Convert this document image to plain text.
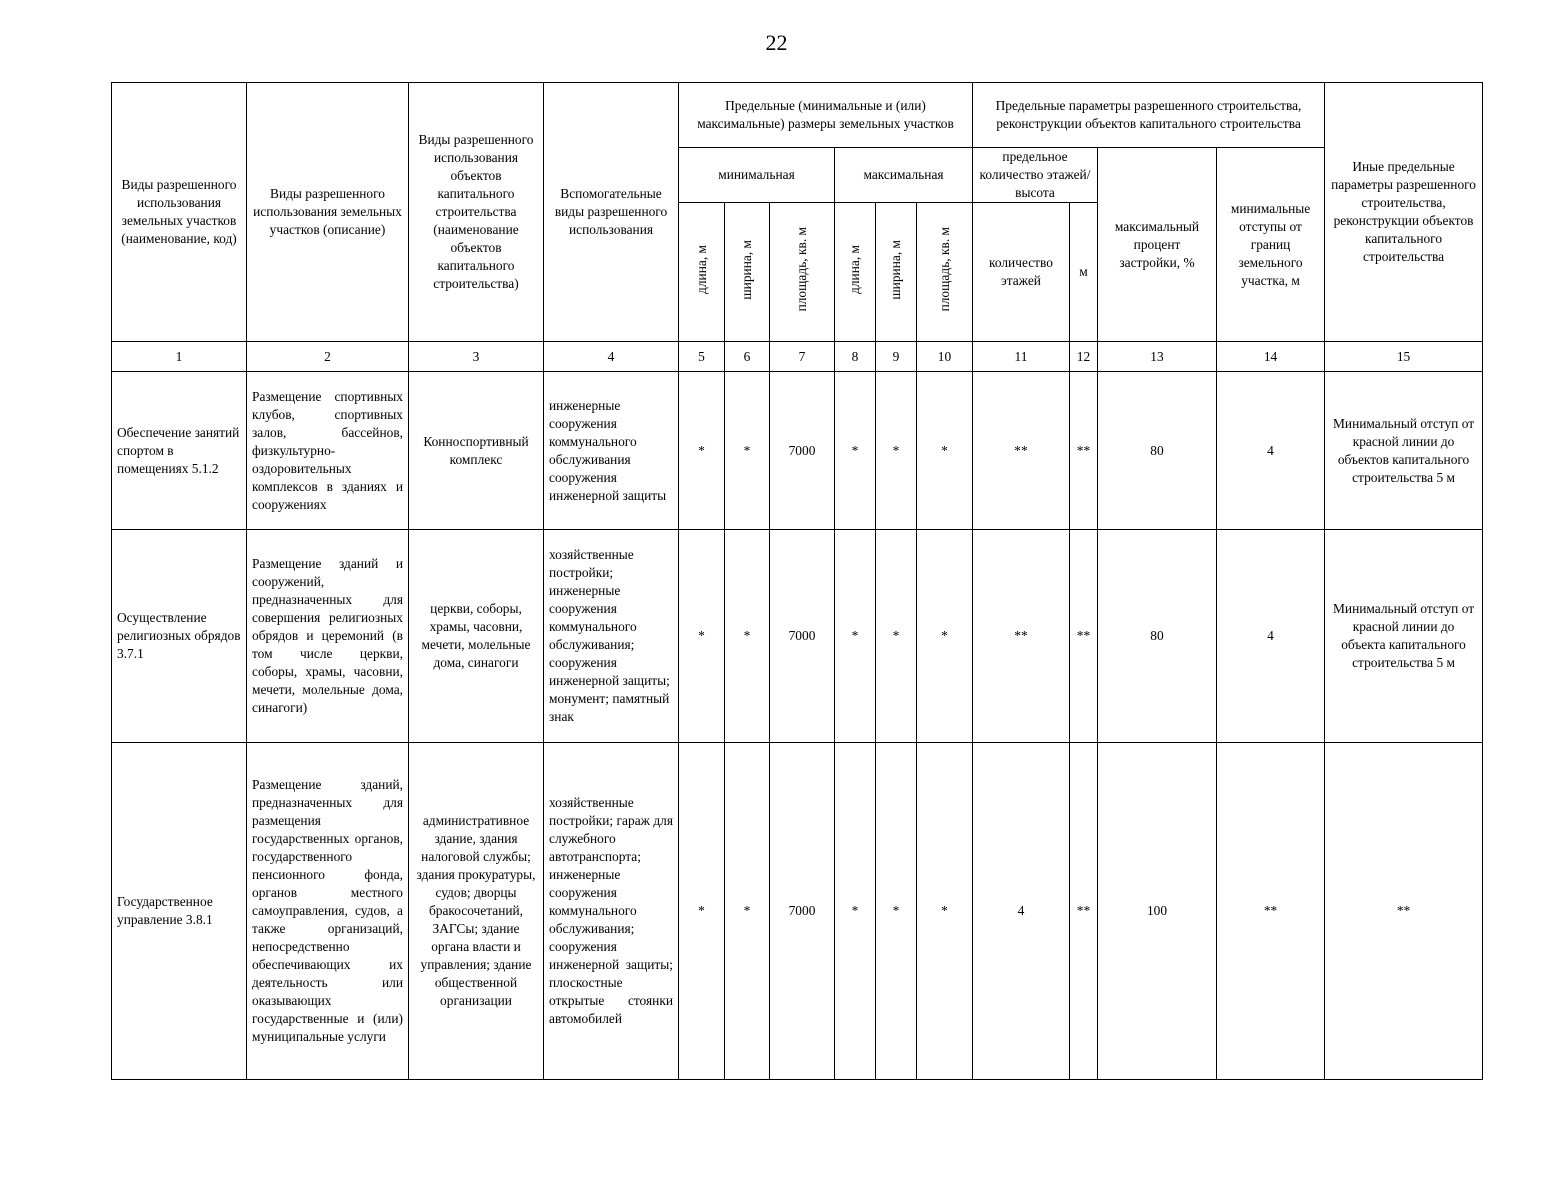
22
Виды разрешенного использования земельных участков (наименование, код)	Виды разрешенного использования земельных участков (описание)	Виды разрешенного использования объектов капитального строительства (наименование объектов капитального строительства)	Вспомогательные виды разрешенного использования	Предельные (минимальные и (или) максимальные) размеры земельных участков						Предельные параметры разрешенного строительства, реконструкции объектов капитального строительства				Иные предельные параметры разрешенного строительства, реконструкции объектов капитального строительства
										предельное количество этажей/высота		максимальный процент застройки, %	минимальные отступы от границ земельного участка, м	
				минимальная			максимальная							
				длина, м	ширина, м	площадь, кв. м	длина, м	ширина, м	площадь, кв. м	количество этажей	м			
1	2	3	4	5	6	7	8	9	10	11	12	13	14	15
Обеспечение занятий спортом в помещениях 5.1.2	Размещение спортивных клубов, спортивных залов, бассейнов, физкультурно-оздоровительных комплексов в зданиях и сооружениях	Конноспортивный комплекс	инженерные сооружения коммунального обслуживания сооружения инженерной защиты	*	*	7000	*	*	*	**	**	80	4	Минимальный отступ от красной линии до объектов капитального строительства 5 м
Осуществление религиозных обрядов 3.7.1	Размещение зданий и сооружений, предназначенных для совершения религиозных обрядов и церемоний (в том числе церкви, соборы, храмы, часовни, мечети, молельные дома, синагоги)	церкви, соборы, храмы, часовни, мечети, молельные дома, синагоги	хозяйственные постройки; инженерные сооружения коммунального обслуживания; сооружения инженерной защиты; монумент; памятный знак	*	*	7000	*	*	*	**	**	80	4	Минимальный отступ от красной линии до объекта капитального строительства 5 м
Государственное управление 3.8.1	Размещение зданий, предназначенных для размещения государственных органов, государственного пенсионного фонда, органов местного самоуправления, судов, а также организаций, непосредственно обеспечивающих их деятельность или оказывающих государственные и (или) муниципальные услуги	административное здание, здания налоговой службы; здания прокуратуры, судов; дворцы бракосочетаний, ЗАГСы; здание органа власти и управления; здание общественной организации	хозяйственные постройки; гараж для служебного автотранспорта; инженерные сооружения коммунального обслуживания; сооружения инженерной защиты; плоскостные открытые стоянки автомобилей	*	*	7000	*	*	*	4	**	100	**	**
